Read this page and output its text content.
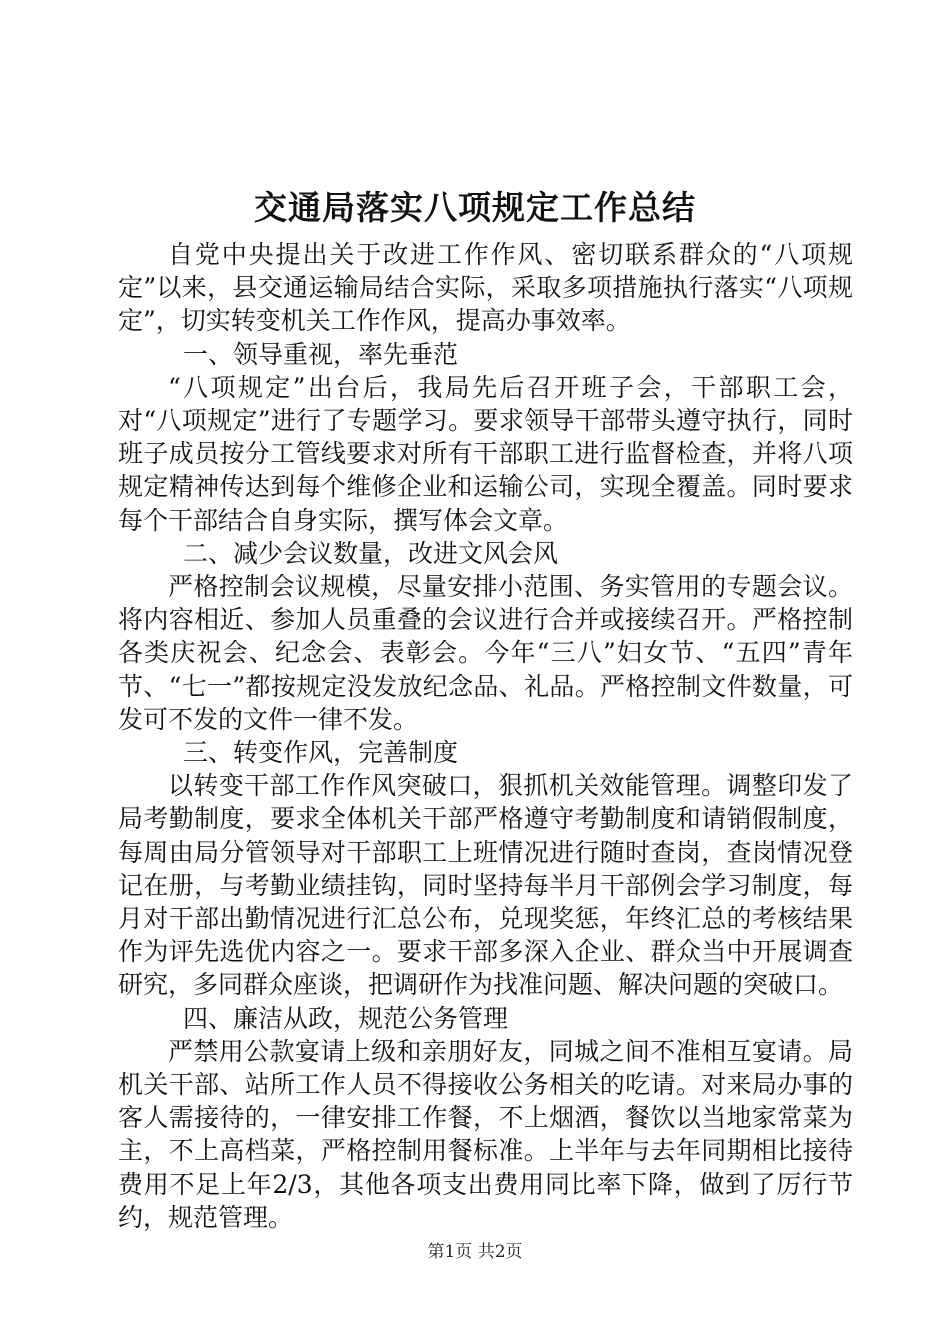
交通局落实八项规定工作总结

自党中央提出关于改进工作作风、密切联系群众的“八项规定”以来，县交通运输局结合实际，采取多项措施执行落实“八项规定”，切实转变机关工作作风，提高办事效率。

一、领导重视，率先垂范

“八项规定”出台后，我局先后召开班子会，干部职工会，对“八项规定”进行了专题学习。要求领导干部带头遵守执行，同时班子成员按分工管线要求对所有干部职工进行监督检查，并将八项规定精神传达到每个维修企业和运输公司，实现全覆盖。同时要求每个干部结合自身实际，撰写体会文章。

二、减少会议数量，改进文风会风

严格控制会议规模，尽量安排小范围、务实管用的专题会议。将内容相近、参加人员重叠的会议进行合并或接续召开。严格控制各类庆祝会、纪念会、表彰会。今年“三八”妇女节、“五四”青年节、“七一”都按规定没发放纪念品、礼品。严格控制文件数量，可发可不发的文件一律不发。

三、转变作风，完善制度

以转变干部工作作风突破口，狠抓机关效能管理。调整印发了局考勤制度，要求全体机关干部严格遵守考勤制度和请销假制度，每周由局分管领导对干部职工上班情况进行随时查岗，查岗情况登记在册，与考勤业绩挂钩，同时坚持每半月干部例会学习制度，每月对干部出勤情况进行汇总公布，兑现奖惩，年终汇总的考核结果作为评先选优内容之一。要求干部多深入企业、群众当中开展调查研究，多同群众座谈，把调研作为找准问题、解决问题的突破口。

四、廉洁从政，规范公务管理

严禁用公款宴请上级和亲朋好友，同城之间不准相互宴请。局机关干部、站所工作人员不得接收公务相关的吃请。对来局办事的客人需接待的，一律安排工作餐，不上烟酒，餐饮以当地家常菜为主，不上高档菜，严格控制用餐标准。上半年与去年同期相比接待费用不足上年2/3，其他各项支出费用同比率下降，做到了厉行节约，规范管理。

第1页 共2页
